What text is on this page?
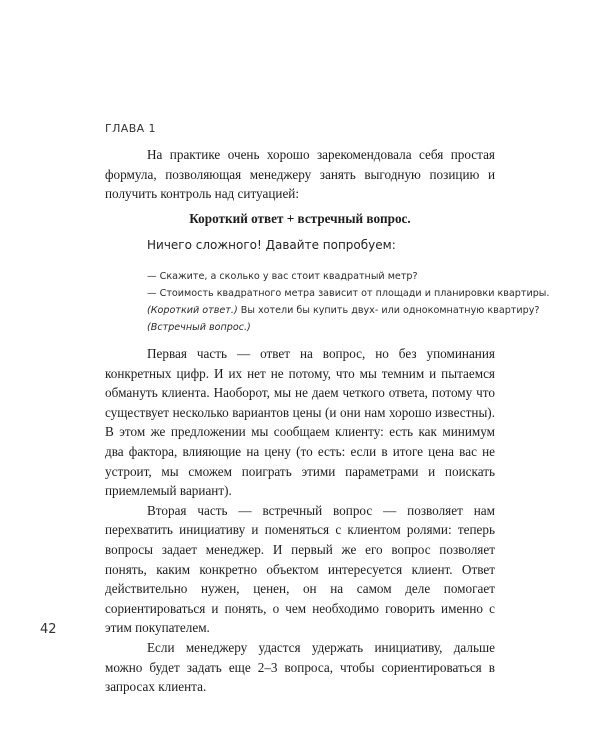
ГЛАВА 1

На практике очень хорошо зарекомендовала себя простая формула, позволяющая менеджеру занять выгодную позицию и получить контроль над ситуацией:

Короткий ответ + встречный вопрос.
Ничего сложного! Давайте попробуем:
— Скажите, а сколько у вас стоит квадратный метр?
— Стоимость квадратного метра зависит от площади и планировки квартиры.
(Короткий ответ.) Вы хотели бы купить двух- или однокомнатную квартиру?
(Встречный вопрос.)

Первая часть — ответ на вопрос, но без упоминания конкретных цифр. И их нет не потому, что мы темним и пытаемся обмануть клиента. Наоборот, мы не даем четкого ответа, потому что существует несколько вариантов цены (и они нам хорошо известны). В этом же предложении мы сообщаем клиенту: есть как минимум два фактора, влияющие на цену (то есть: если в итоге цена вас не устроит, мы сможем поиграть этими параметрами и поискать приемлемый вариант).

Вторая часть — встречный вопрос — позволяет нам перехватить инициативу и поменяться с клиентом ролями: теперь вопросы задает менеджер. И первый же его вопрос позволяет понять, каким конкретно объектом интересуется клиент. Ответ действительно нужен, ценен, он на самом деле помогает сориентироваться и понять, о чем необходимо говорить именно с этим покупателем.

Если менеджеру удастся удержать инициативу, дальше можно будет задать еще 2–3 вопроса, чтобы сориентироваться в запросах клиента.

42
